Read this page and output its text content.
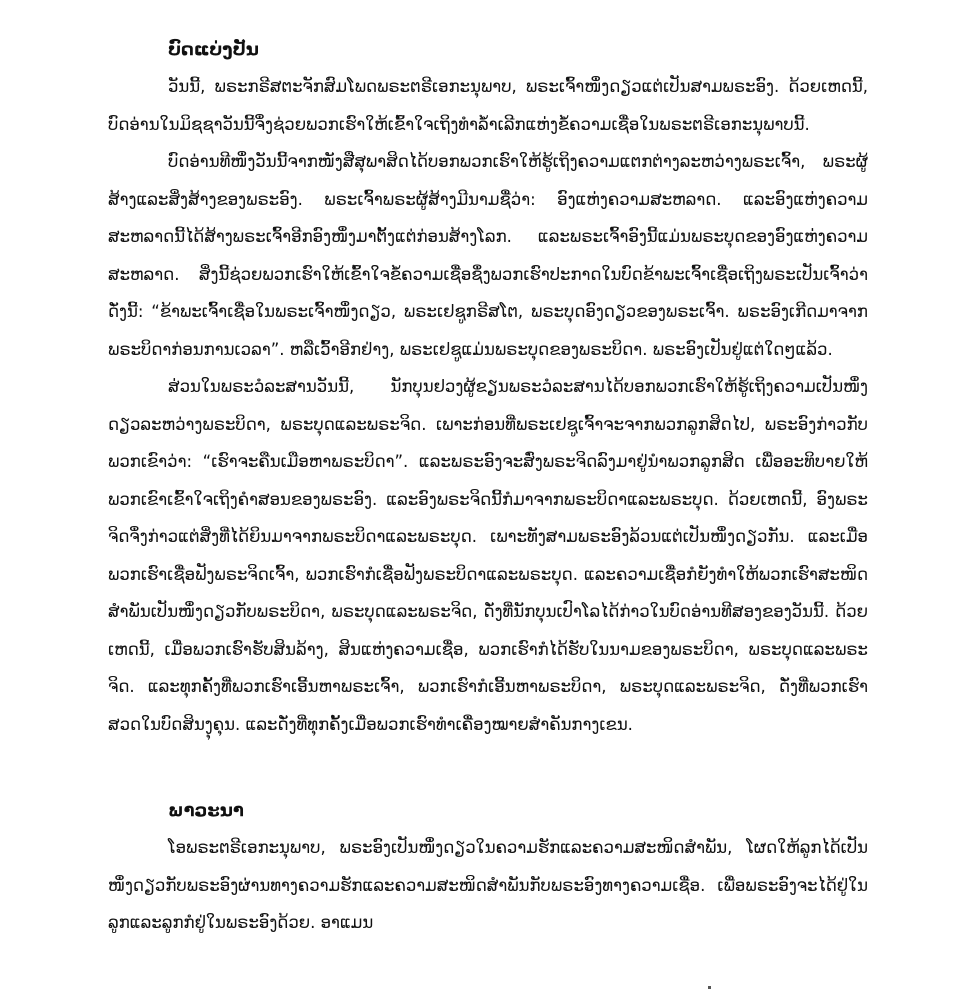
ບົດແບ່ງປັນ

ວັນນີ້, ພຣະກຣີສຕະຈັກສົມໂພດພຣະຕຣີເອກະນຸພາບ, ພຣະເຈົ້າໜຶ່ງດຽວແຕ່ເປັນສາມພຣະອົງ. ດ້ວຍເຫດນີ້, ບົດອ່ານໃນມິຊຊາວັນນີ້ຈຶ່ງຊ່ວຍພວກເຮົາໃຫ້ເຂົ້າໃຈເຖິງທໍາລໍ້າເລີກແຫ່ງຂໍ້ຄວາມເຊື່ອໃນພຣະຕຣີເອກະນຸພາບນີ້.

ບົດອ່ານທີໜຶ່ງວັນນີ້ຈາກໜັງສືສຸພາສິດໄດ້ບອກພວກເຮົາໃຫ້ຮູ້ເຖິງຄວາມແຕກຕ່າງລະຫວ່າງພຣະເຈົ້າ, ພຣະຜູ້ສ້າງແລະສິ່ງສ້າງຂອງພຣະອົງ. ພຣະເຈົ້າພຣະຜູ້ສ້າງມີນາມຊື່ວ່າ: ອົງແຫ່ງຄວາມສະຫລາດ. ແລະອົງແຫ່ງຄວາມສະຫລາດນີ້ໄດ້ສ້າງພຣະເຈົ້າອີກອົງໜຶ່ງມາຕັ້ງແຕ່ກ່ອນສ້າງໂລກ. ແລະພຣະເຈົ້າອົງນີ້ແມ່ນພຣະບຸດຂອງອົງແຫ່ງຄວາມສະຫລາດ. ສິ່ງນີ້ຊ່ວຍພວກເຮົາໃຫ້ເຂົ້າໃຈຂໍ້ຄວາມເຊື່ອຊຶ່ງພວກເຮົາປະກາດໃນບົດຂ້າພະເຈົ້າເຊື່ອເຖິງພຣະເປັນເຈົ້າວ່າດັ່ງນີ້: “ຂ້າພະເຈົ້າເຊື່ອໃນພຣະເຈົ້າໜຶ່ງດຽວ, ພຣະເຢຊູກຣີສໂຕ, ພຣະບຸດອົງດຽວຂອງພຣະເຈົ້າ. ພຣະອົງເກີດມາຈາກພຣະບິດາກ່ອນການເວລາ”. ຫລືເວົ້າອີກຢ່າງ, ພຣະເຢຊູແມ່ນພຣະບຸດຂອງພຣະບິດາ. ພຣະອົງເປັນຢູ່ແຕ່ໃດໆແລ້ວ.

ສ່ວນໃນພຣະວໍລະສານວັນນີ້, ນັກບຸນຢວງຜູ້ຂຽນພຣະວໍລະສານໄດ້ບອກພວກເຮົາໃຫ້ຮູ້ເຖິງຄວາມເປັນໜຶ່ງດຽວລະຫວ່າງພຣະບິດາ, ພຣະບຸດແລະພຣະຈິດ. ເພາະກ່ອນທີ່ພຣະເຢຊູເຈົ້າຈະຈາກພວກລູກສິດໄປ, ພຣະອົງກ່າວກັບພວກເຂົາວ່າ: “ເຮົາຈະຄືນເມືອຫາພຣະບິດາ”. ແລະພຣະອົງຈະສົ່ງພຣະຈິດລົງມາຢູ່ນໍາພວກລູກສິດ ເພື່ອອະທິບາຍໃຫ້ພວກເຂົາເຂົ້າໃຈເຖິງຄໍາສອນຂອງພຣະອົງ. ແລະອົງພຣະຈິດນີ້ກໍມາຈາກພຣະບິດາແລະພຣະບຸດ. ດ້ວຍເຫດນີ້, ອົງພຣະຈິດຈຶ່ງກ່າວແຕ່ສິ່ງທີ່ໄດ້ຍິນມາຈາກພຣະບິດາແລະພຣະບຸດ. ເພາະທັງສາມພຣະອົງລ້ວນແຕ່ເປັນໜຶ່ງດຽວກັນ. ແລະເມື່ອພວກເຮົາເຊື່ອຟັງພຣະຈິດເຈົ້າ, ພວກເຮົາກໍເຊື່ອຟັງພຣະບິດາແລະພຣະບຸດ. ແລະຄວາມເຊື່ອກໍຍັງທໍາໃຫ້ພວກເຮົາສະໜິດສໍາພັນເປັນໜຶ່ງດຽວກັບພຣະບິດາ, ພຣະບຸດແລະພຣະຈິດ, ດັ່ງທີ່ນັກບຸນເປົາໂລໄດ້ກ່າວໃນບົດອ່ານທີສອງຂອງວັນນີ້. ດ້ວຍເຫດນີ້, ເມື່ອພວກເຮົາຮັບສິນລ້າງ, ສິນແຫ່ງຄວາມເຊື່ອ, ພວກເຮົາກໍໄດ້ຮັບໃນນາມຂອງພຣະບິດາ, ພຣະບຸດແລະພຣະຈິດ. ແລະທຸກຄັ້ງທີ່ພວກເຮົາເອີ້ນຫາພຣະເຈົ້າ, ພວກເຮົາກໍເອີ້ນຫາພຣະບິດາ, ພຣະບຸດແລະພຣະຈິດ, ດັ່ງທີ່ພວກເຮົາສວດໃນບົດສິນງຸຄຸນ. ແລະດັ່ງທີ່ທຸກຄັ້ງເມື່ອພວກເຮົາທໍາເຄື່ອງໝາຍສໍາຄັນກາງເຂນ.

ພາວະນາ

ໂອພຣະຕຣີເອກະນຸພາບ, ພຣະອົງເປັນໜຶ່ງດຽວໃນຄວາມຮັກແລະຄວາມສະໜິດສໍາພັນ, ໂຜດໃຫ້ລູກໄດ້ເປັນໜຶ່ງດຽວກັບພຣະອົງຜ່ານທາງຄວາມຮັກແລະຄວາມສະໜິດສໍາພັນກັບພຣະອົງທາງຄວາມເຊື່ອ. ເພື່ອພຣະອົງຈະໄດ້ຢູ່ໃນລູກແລະລູກກໍຢູ່ໃນພຣະອົງດ້ວຍ. ອາແມນ
